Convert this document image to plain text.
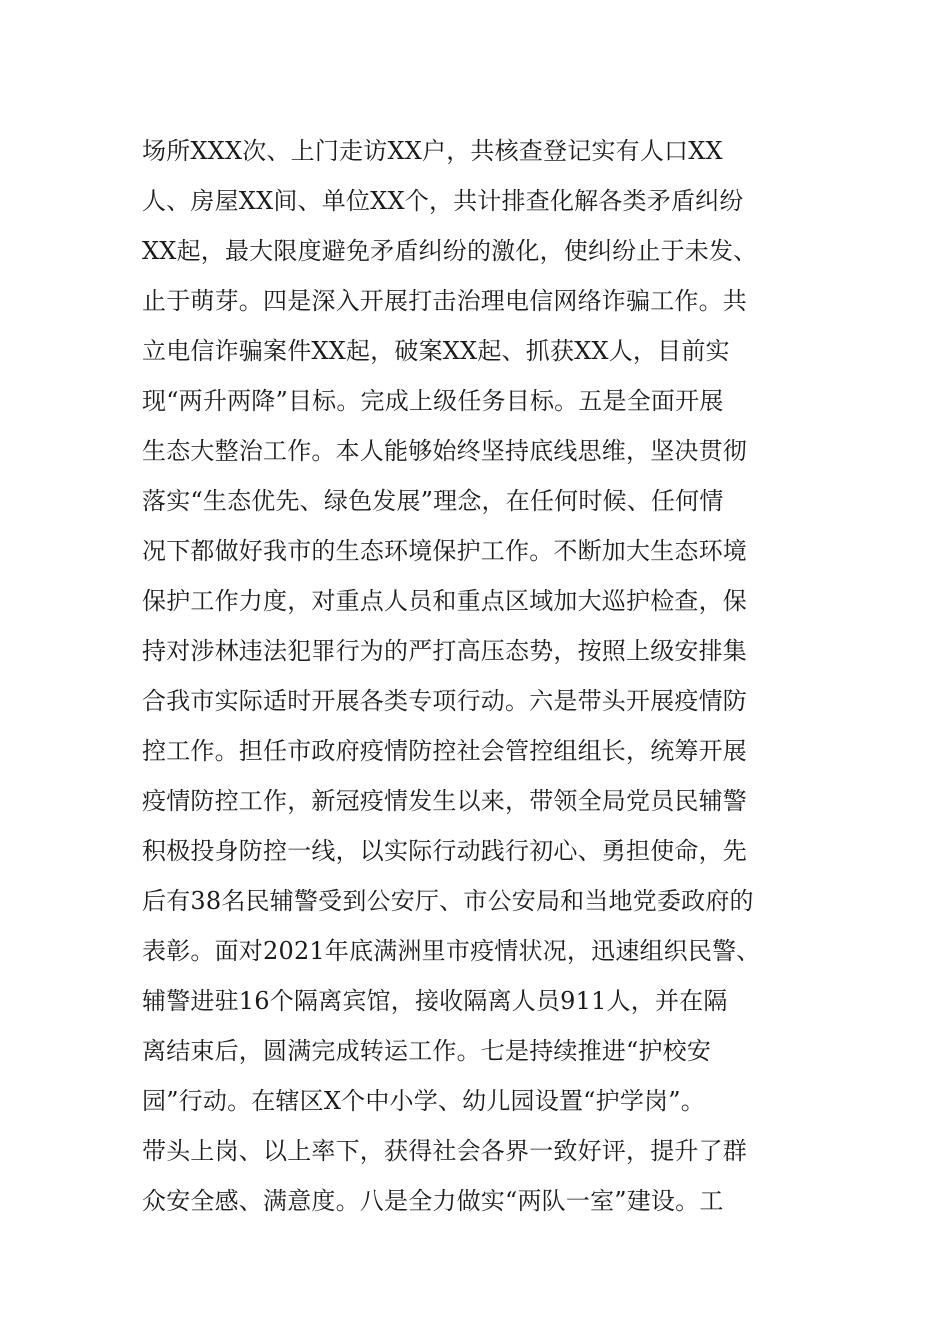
场所XXX次、上门走访XX户，共核查登记实有人口XX
人、房屋XX间、单位XX个，共计排查化解各类矛盾纠纷
XX起，最大限度避免矛盾纠纷的激化，使纠纷止于未发、
止于萌芽。四是深入开展打击治理电信网络诈骗工作。共
立电信诈骗案件XX起，破案XX起、抓获XX人，目前实
现“两升两降”目标。完成上级任务目标。五是全面开展
生态大整治工作。本人能够始终坚持底线思维，坚决贯彻
落实“生态优先、绿色发展”理念，在任何时候、任何情
况下都做好我市的生态环境保护工作。不断加大生态环境
保护工作力度，对重点人员和重点区域加大巡护检查，保
持对涉林违法犯罪行为的严打高压态势，按照上级安排集
合我市实际适时开展各类专项行动。六是带头开展疫情防
控工作。担任市政府疫情防控社会管控组组长，统筹开展
疫情防控工作，新冠疫情发生以来，带领全局党员民辅警
积极投身防控一线，以实际行动践行初心、勇担使命，先
后有38名民辅警受到公安厅、市公安局和当地党委政府的
表彰。面对2021年底满洲里市疫情状况，迅速组织民警、
辅警进驻16个隔离宾馆，接收隔离人员911人，并在隔
离结束后，圆满完成转运工作。七是持续推进“护校安
园”行动。在辖区X个中小学、幼儿园设置“护学岗”。
带头上岗、以上率下，获得社会各界一致好评，提升了群
众安全感、满意度。八是全力做实“两队一室”建设。工
